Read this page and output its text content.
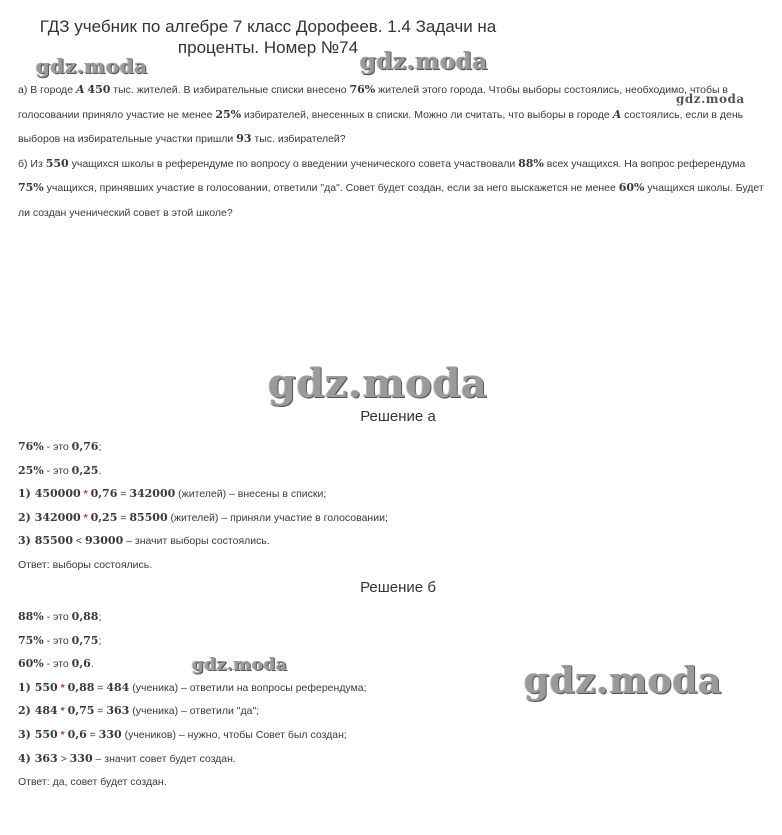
ГДЗ учебник по алгебре 7 класс Дорофеев. 1.4 Задачи на проценты. Номер №74
gdz.moda	gdz.moda
gdz.moda

а) В городе A 450 тыс. жителей. В избирательные списки внесено 76% жителей этого города. Чтобы выборы состоялись, необходимо, чтобы в голосовании приняло участие не менее 25% избирателей, внесенных в списки. Можно ли считать, что выборы в городе A состоялись, если в день выборов на избирательные участки пришли 93 тыс. избирателей?

б) Из 550 учащихся школы в референдуме по вопросу о введении ученического совета участвовали 88% всех учащихся. На вопрос референдума 75% учащихся, принявших участие в голосовании, ответили "да". Совет будет создан, если за него выскажется не менее 60% учащихся школы. Будет ли создан ученический совет в этой школе?

gdz.moda
Решение а
76% - это 0,76;
25% - это 0,25.
1) 450000 * 0,76 = 342000 (жителей) – внесены в списки;
2) 342000 * 0,25 = 85500 (жителей) – приняли участие в голосовании;
3) 85500 < 93000 – значит выборы состоялись.
Ответ: выборы состоялись.
Решение б
88% - это 0,88;
75% - это 0,75;
60% - это 0,6.
1) 550 * 0,88 = 484 (ученика) – ответили на вопросы референдума;
2) 484 * 0,75 = 363 (ученика) – ответили "да";
3) 550 * 0,6 = 330 (учеников) – нужно, чтобы Совет был создан;
4) 363 > 330 – значит совет будет создан.
Ответ: да, совет будет создан.
gdz.moda	gdz.moda
